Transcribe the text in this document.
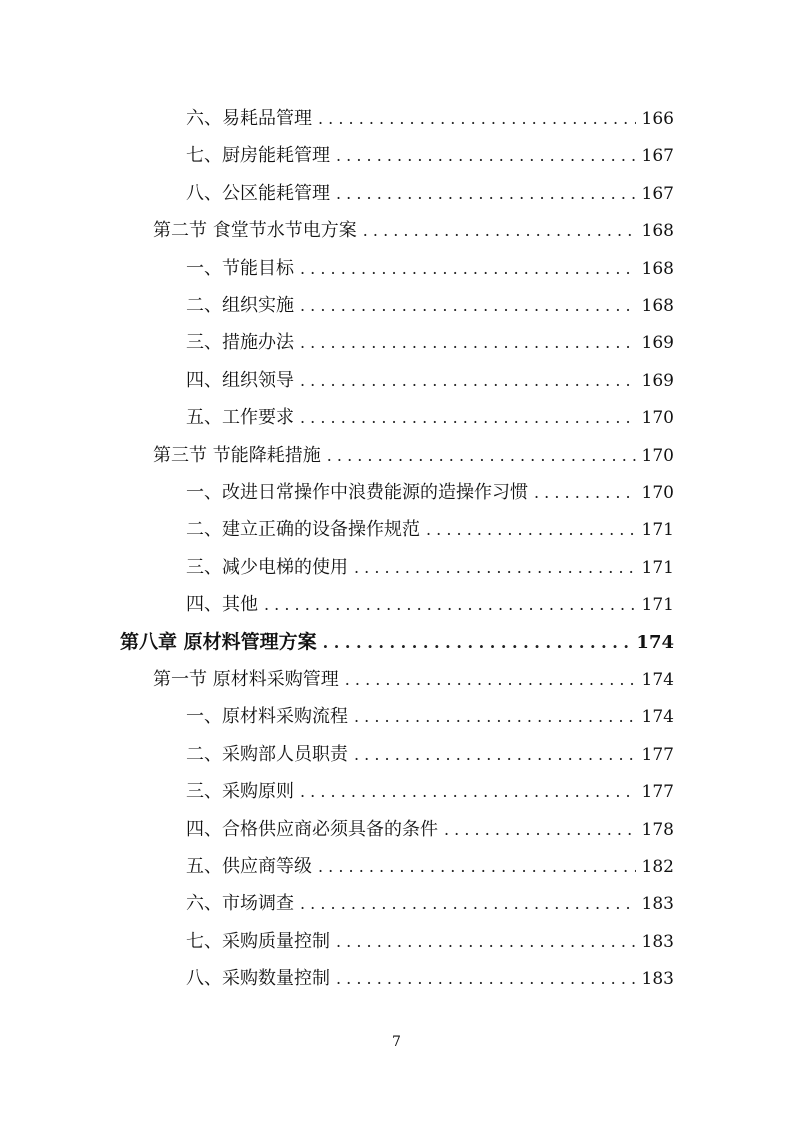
六、易耗品管理 . . .	166
七、厨房能耗管理 . . .	167
八、公区能耗管理 . . .	167
第二节 食堂节水节电方案 . . .	168
一、节能目标 . . .	168
二、组织实施 . . .	168
三、措施办法 . . .	169
四、组织领导 . . .	169
五、工作要求 . . .	170
第三节 节能降耗措施 . . .	170
一、改进日常操作中浪费能源的造操作习惯 . . .	170
二、建立正确的设备操作规范 . . .	171
三、减少电梯的使用 . . .	171
四、其他 . . .	171
第八章 原材料管理方案 . . .	174
第一节 原材料采购管理 . . .	174
一、原材料采购流程 . . .	174
二、采购部人员职责 . . .	177
三、采购原则 . . .	177
四、合格供应商必须具备的条件 . . .	178
五、供应商等级 . . .	182
六、市场调查 . . .	183
七、采购质量控制 . . .	183
八、采购数量控制 . . .	183
7
